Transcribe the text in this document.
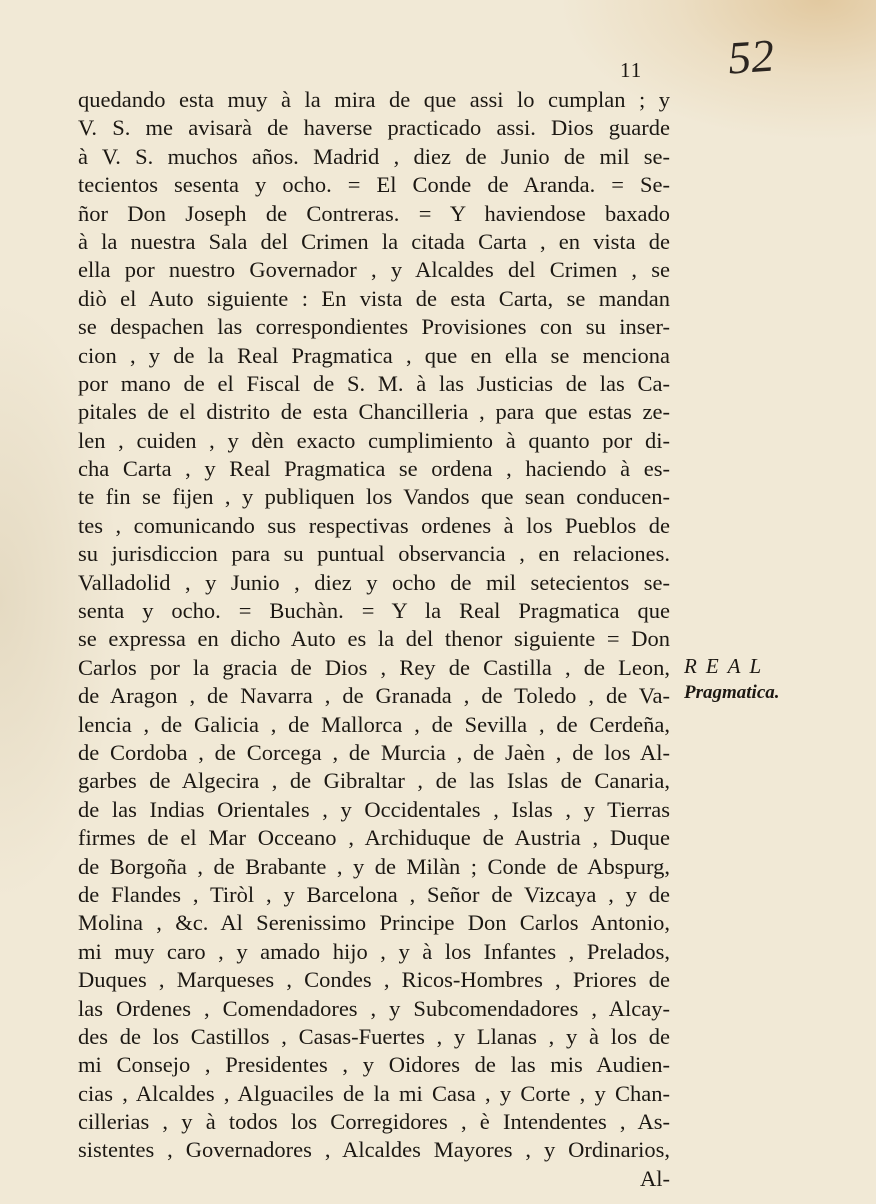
52
11
quedando esta muy à la mira de que assi lo cumplan ; y
V. S. me avisarà de haverse practicado assi. Dios guarde
à V. S. muchos años. Madrid , diez de Junio de mil se-
tecientos sesenta y ocho. = El Conde de Aranda. = Se-
ñor Don Joseph de Contreras. = Y haviendose baxado
à la nuestra Sala del Crimen la citada Carta , en vista de
ella por nuestro Governador , y Alcaldes del Crimen , se
diò el Auto siguiente : En vista de esta Carta, se mandan
se despachen las correspondientes Provisiones con su inser-
cion , y de la Real Pragmatica , que en ella se menciona
por mano de el Fiscal de S. M. à las Justicias de las Ca-
pitales de el distrito de esta Chancilleria , para que estas ze-
len , cuiden , y dèn exacto cumplimiento à quanto por di-
cha Carta , y Real Pragmatica se ordena , haciendo à es-
te fin se fijen , y publiquen los Vandos que sean conducen-
tes , comunicando sus respectivas ordenes à los Pueblos de
su jurisdiccion para su puntual observancia , en relaciones.
Valladolid , y Junio , diez y ocho de mil setecientos se-
senta y ocho. = Buchàn. = Y la Real Pragmatica que
se expressa en dicho Auto es la del thenor siguiente = Don
Carlos por la gracia de Dios , Rey de Castilla , de Leon,
de Aragon , de Navarra , de Granada , de Toledo , de Va-
lencia , de Galicia , de Mallorca , de Sevilla , de Cerdeña,
de Cordoba , de Corcega , de Murcia , de Jaèn , de los Al-
garbes de Algecira , de Gibraltar , de las Islas de Canaria,
de las Indias Orientales , y Occidentales , Islas , y Tierras
firmes de el Mar Occeano , Archiduque de Austria , Duque
de Borgoña , de Brabante , y de Milàn ; Conde de Abspurg,
de Flandes , Tiròl , y Barcelona , Señor de Vizcaya , y de
Molina , &c. Al Serenissimo Principe Don Carlos Antonio,
mi muy caro , y amado hijo , y à los Infantes , Prelados,
Duques , Marqueses , Condes , Ricos-Hombres , Priores de
las Ordenes , Comendadores , y Subcomendadores , Alcay-
des de los Castillos , Casas-Fuertes , y Llanas , y à los de
mi Consejo , Presidentes , y Oidores de las mis Audien-
cias , Alcaldes , Alguaciles de la mi Casa , y Corte , y Chan-
cillerias , y à todos los Corregidores , è Intendentes , As-
sistentes , Governadores , Alcaldes Mayores , y Ordinarios,
Al-
REAL
Pragmatica.
